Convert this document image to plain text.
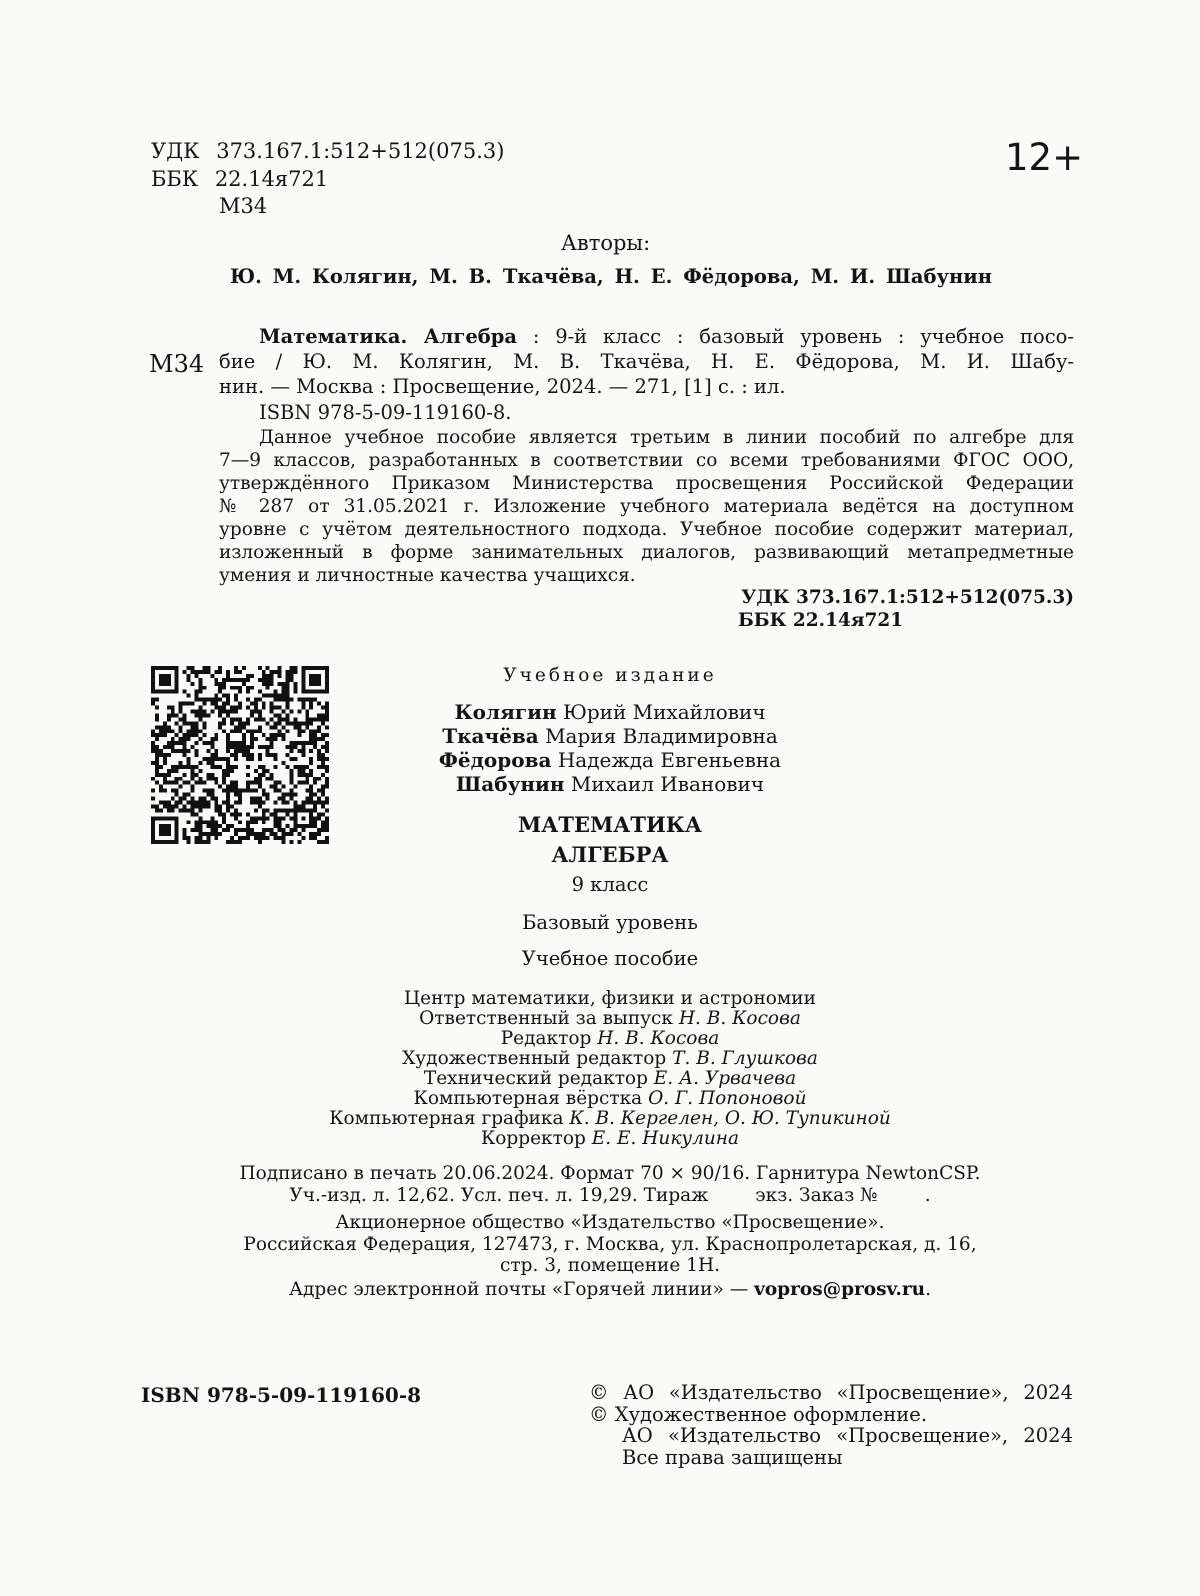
УДК 373.167.1:512+512(075.3)
ББК 22.14я721
М34
12+
Авторы:
Ю. М. Колягин, М. В. Ткачёва, Н. Е. Фёдорова, М. И. Шабунин
М34
Математика. Алгебра : 9-й класс : базовый уровень : учебное посо-
бие / Ю. М. Колягин, М. В. Ткачёва, Н. Е. Фёдорова, М. И. Шабу-
нин. — Москва : Просвещение, 2024. — 271, [1] с. : ил.
ISBN 978-5-09-119160-8.

Данное учебное пособие является третьим в линии пособий по алгебре для

7—9 классов, разработанных в соответствии со всеми требованиями ФГОС ООО,

утверждённого Приказом Министерства просвещения Российской Федерации

№ 287 от 31.05.2021 г. Изложение учебного материала ведётся на доступном

уровне с учётом деятельностного подхода. Учебное пособие содержит материал,

изложенный в форме занимательных диалогов, развивающий метапредметные

умения и личностные качества учащихся.

УДК 373.167.1:512+512(075.3)
ББК 22.14я721
Учебное издание
Колягин Юрий Михайлович
Ткачёва Мария Владимировна
Фёдорова Надежда Евгеньевна
Шабунин Михаил Иванович
МАТЕМАТИКА
АЛГЕБРА
9 класс
Базовый уровень
Учебное пособие
Центр математики, физики и астрономии
Ответственный за выпуск Н. В. Косова
Редактор Н. В. Косова
Художественный редактор Т. В. Глушкова
Технический редактор Е. А. Урвачева
Компьютерная вёрстка О. Г. Попоновой
Компьютерная графика К. В. Кергелен, О. Ю. Тупикиной
Корректор Е. Е. Никулина
Подписано в печать 20.06.2024. Формат 70 × 90/16. Гарнитура NewtonCSP.
Уч.-изд. л. 12,62. Усл. печ. л. 19,29. Тираж        экз. Заказ №        .
Акционерное общество «Издательство «Просвещение».
Российская Федерация, 127473, г. Москва, ул. Краснопролетарская, д. 16,
стр. 3, помещение 1Н.
Адрес электронной почты «Горячей линии» — vopros@prosv.ru.
ISBN 978-5-09-119160-8	© АО «Издательство «Просвещение», 2024
© Художественное оформление.
АО «Издательство «Просвещение», 2024
Все права защищены
